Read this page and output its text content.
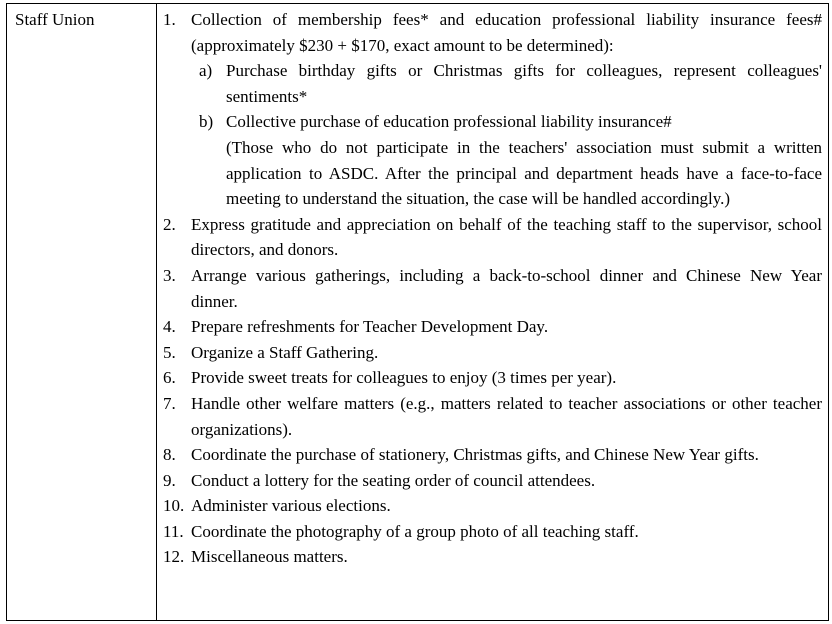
Staff Union	1. Collection of membership fees* and education professional liability insurance fees# (approximately $230 + $170, exact amount to be determined):
a) Purchase birthday gifts or Christmas gifts for colleagues, represent colleagues' sentiments*
b) Collective purchase of education professional liability insurance#
(Those who do not participate in the teachers' association must submit a written application to ASDC. After the principal and department heads have a face-to-face meeting to understand the situation, the case will be handled accordingly.)
2. Express gratitude and appreciation on behalf of the teaching staff to the supervisor, school directors, and donors.
3. Arrange various gatherings, including a back-to-school dinner and Chinese New Year dinner.
4. Prepare refreshments for Teacher Development Day.
5. Organize a Staff Gathering.
6. Provide sweet treats for colleagues to enjoy (3 times per year).
7. Handle other welfare matters (e.g., matters related to teacher associations or other teacher organizations).
8. Coordinate the purchase of stationery, Christmas gifts, and Chinese New Year gifts.
9. Conduct a lottery for the seating order of council attendees.
10. Administer various elections.
11. Coordinate the photography of a group photo of all teaching staff.
12. Miscellaneous matters.
